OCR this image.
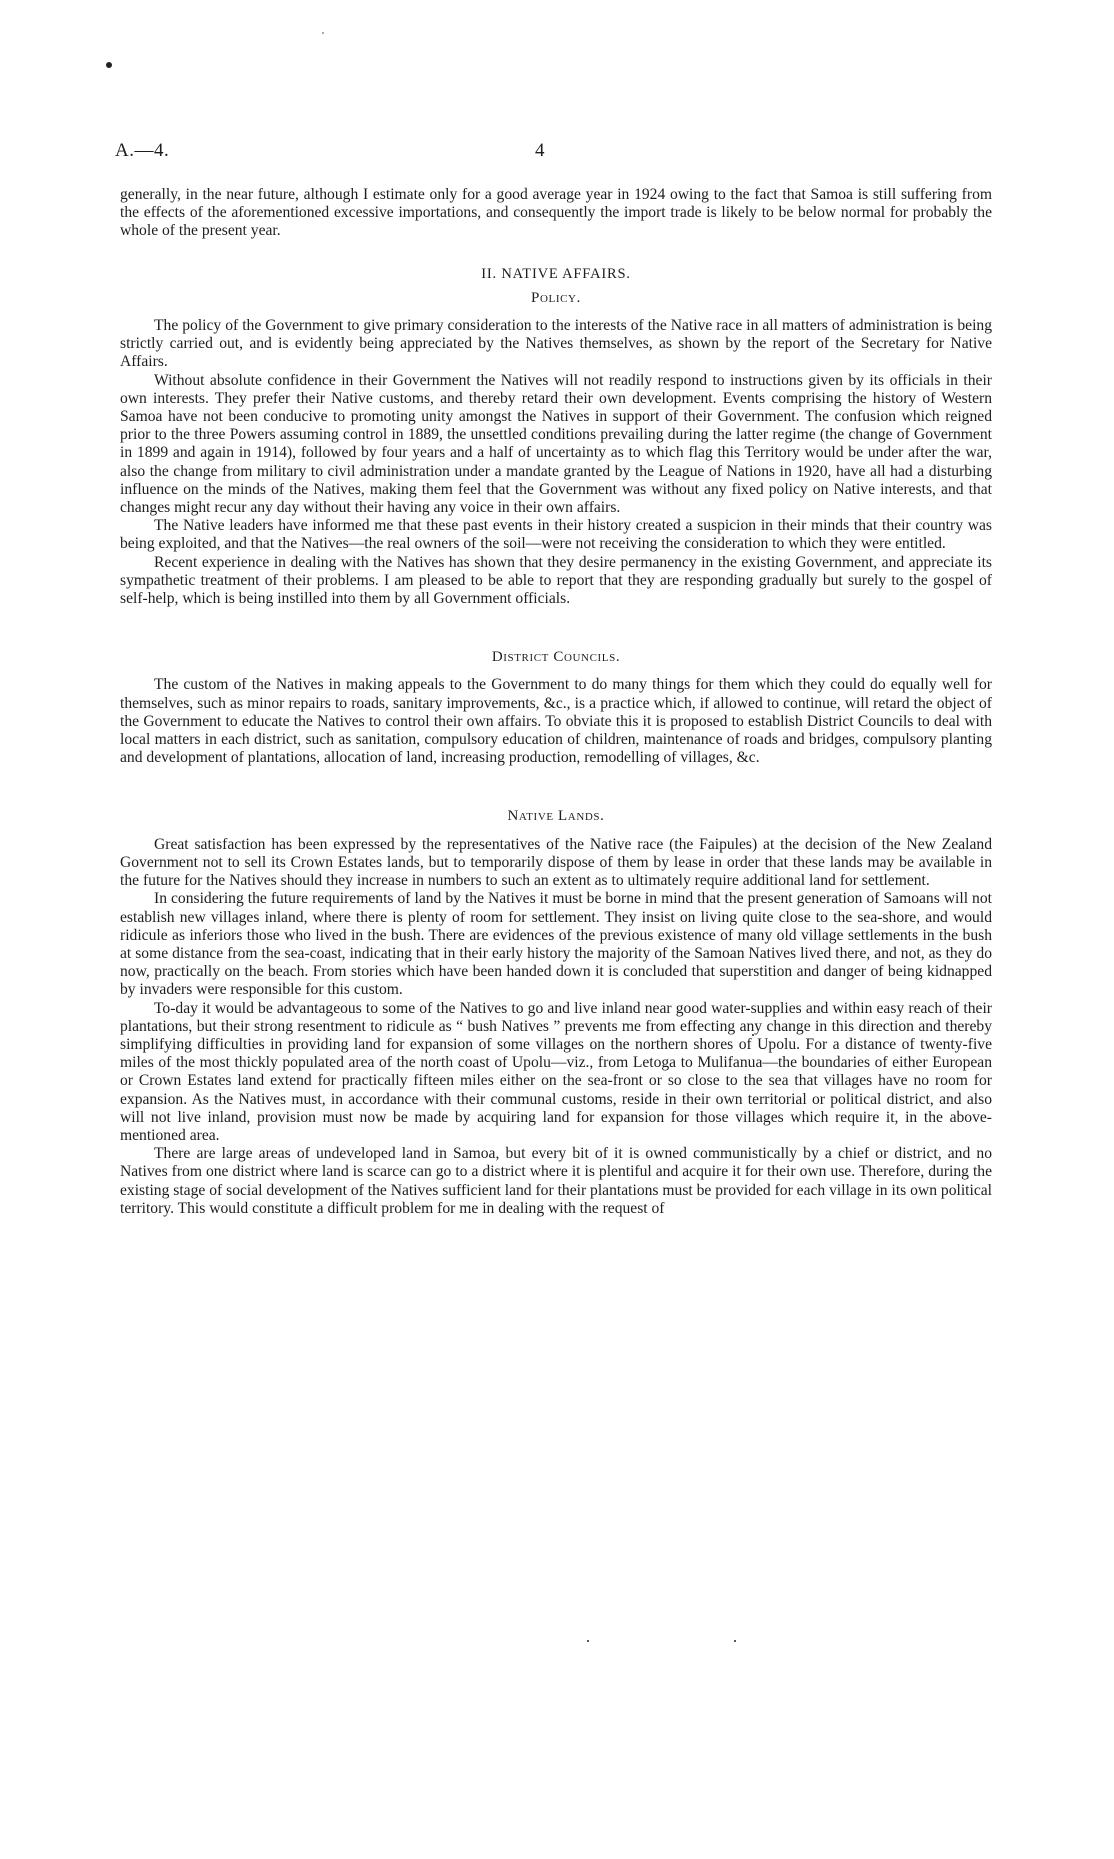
A.—4.	4

generally, in the near future, although I estimate only for a good average year in 1924 owing to the fact that Samoa is still suffering from the effects of the aforementioned excessive importations, and consequently the import trade is likely to be below normal for probably the whole of the present year.

II. NATIVE AFFAIRS.
Policy.

The policy of the Government to give primary consideration to the interests of the Native race in all matters of administration is being strictly carried out, and is evidently being appreciated by the Natives themselves, as shown by the report of the Secretary for Native Affairs.

Without absolute confidence in their Government the Natives will not readily respond to instructions given by its officials in their own interests. They prefer their Native customs, and thereby retard their own development. Events comprising the history of Western Samoa have not been conducive to promoting unity amongst the Natives in support of their Government. The confusion which reigned prior to the three Powers assuming control in 1889, the unsettled conditions prevailing during the latter regime (the change of Government in 1899 and again in 1914), followed by four years and a half of uncertainty as to which flag this Territory would be under after the war, also the change from military to civil administration under a mandate granted by the League of Nations in 1920, have all had a disturbing influence on the minds of the Natives, making them feel that the Government was without any fixed policy on Native interests, and that changes might recur any day without their having any voice in their own affairs.

The Native leaders have informed me that these past events in their history created a suspicion in their minds that their country was being exploited, and that the Natives—the real owners of the soil—were not receiving the consideration to which they were entitled.

Recent experience in dealing with the Natives has shown that they desire permanency in the existing Government, and appreciate its sympathetic treatment of their problems. I am pleased to be able to report that they are responding gradually but surely to the gospel of self-help, which is being instilled into them by all Government officials.

District Councils.

The custom of the Natives in making appeals to the Government to do many things for them which they could do equally well for themselves, such as minor repairs to roads, sanitary improvements, &c., is a practice which, if allowed to continue, will retard the object of the Government to educate the Natives to control their own affairs. To obviate this it is proposed to establish District Councils to deal with local matters in each district, such as sanitation, compulsory education of children, maintenance of roads and bridges, compulsory planting and development of plantations, allocation of land, increasing production, remodelling of villages, &c.

Native Lands.

Great satisfaction has been expressed by the representatives of the Native race (the Faipules) at the decision of the New Zealand Government not to sell its Crown Estates lands, but to temporarily dispose of them by lease in order that these lands may be available in the future for the Natives should they increase in numbers to such an extent as to ultimately require additional land for settlement.

In considering the future requirements of land by the Natives it must be borne in mind that the present generation of Samoans will not establish new villages inland, where there is plenty of room for settlement. They insist on living quite close to the sea-shore, and would ridicule as inferiors those who lived in the bush. There are evidences of the previous existence of many old village settlements in the bush at some distance from the sea-coast, indicating that in their early history the majority of the Samoan Natives lived there, and not, as they do now, practically on the beach. From stories which have been handed down it is concluded that superstition and danger of being kidnapped by invaders were responsible for this custom.

To-day it would be advantageous to some of the Natives to go and live inland near good water-supplies and within easy reach of their plantations, but their strong resentment to ridicule as “ bush Natives ” prevents me from effecting any change in this direction and thereby simplifying difficulties in providing land for expansion of some villages on the northern shores of Upolu. For a distance of twenty-five miles of the most thickly populated area of the north coast of Upolu—viz., from Letoga to Mulifanua—the boundaries of either European or Crown Estates land extend for practically fifteen miles either on the sea-front or so close to the sea that villages have no room for expansion. As the Natives must, in accordance with their communal customs, reside in their own territorial or political district, and also will not live inland, provision must now be made by acquiring land for expansion for those villages which require it, in the above-mentioned area.

There are large areas of undeveloped land in Samoa, but every bit of it is owned communistically by a chief or district, and no Natives from one district where land is scarce can go to a district where it is plentiful and acquire it for their own use. Therefore, during the existing stage of social development of the Natives sufficient land for their plantations must be provided for each village in its own political territory. This would constitute a difficult problem for me in dealing with the request of
